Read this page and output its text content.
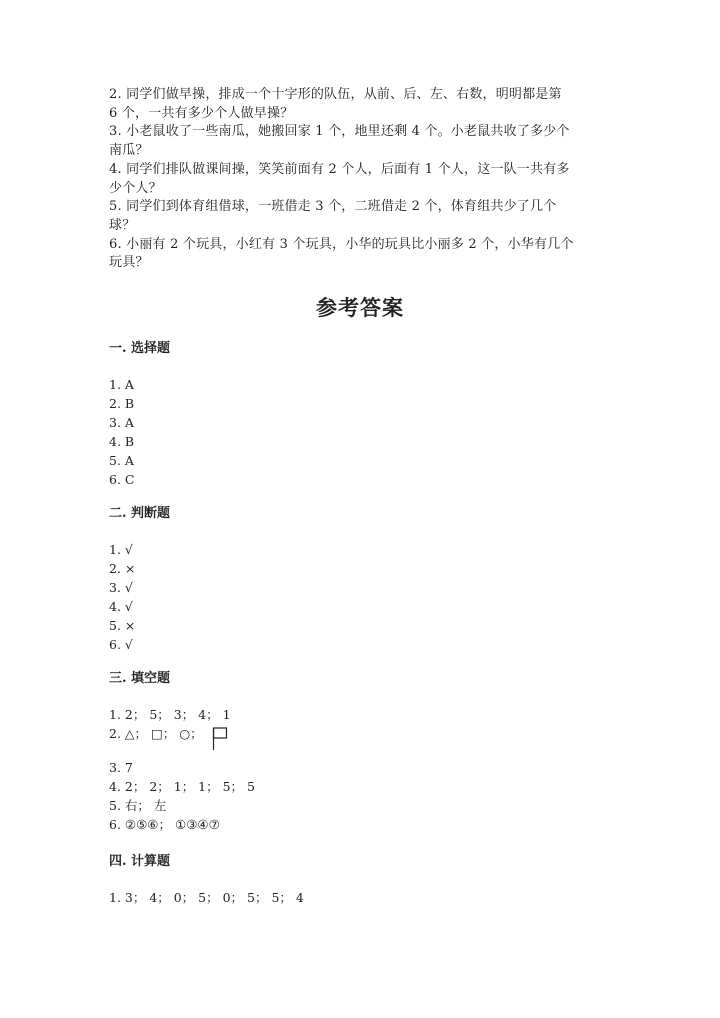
2. 同学们做早操，排成一个十字形的队伍，从前、后、左、右数，明明都是第
6 个，一共有多少个人做早操？
3. 小老鼠收了一些南瓜，她搬回家 1 个，地里还剩 4 个。小老鼠共收了多少个
南瓜？
4. 同学们排队做课间操，笑笑前面有 2 个人，后面有 1 个人，这一队一共有多
少个人？
5. 同学们到体育组借球，一班借走 3 个，二班借走 2 个，体育组共少了几个
球？
6. 小丽有 2 个玩具，小红有 3 个玩具，小华的玩具比小丽多 2 个，小华有几个
玩具？
参考答案
一. 选择题
1. A
2. B
3. A
4. B
5. A
6. C
二. 判断题
1. √
2. ×
3. √
4. √
5. ×
6. √
三. 填空题
1. 2； 5； 3； 4； 1
2. △； □； ○；
3. 7
4. 2； 2； 1； 1； 5； 5
5. 右； 左
6. ②⑤⑥； ①③④⑦
四. 计算题
1. 3； 4； 0； 5； 0； 5； 5； 4
